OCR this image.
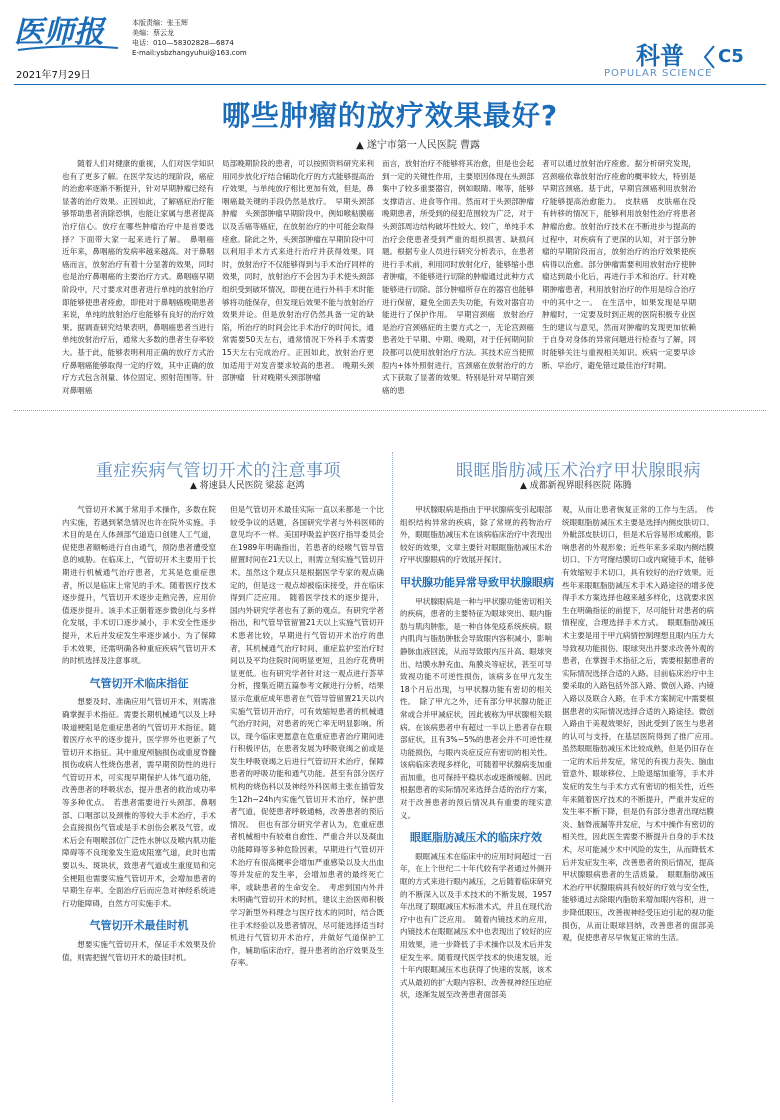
医师报
2021年7月29日
本版责编：张玉辉
美编：蔡云龙
电话：010—58302828—6874
E-mail:ysbzhangyuhui@163.com	科普
POPULAR SCIENCE
C5
哪些肿瘤的放疗效果最好?
▲ 遂宁市第一人民医院 曹露

随着人们对健康的重视，人们对医学知识也有了更多了解。在医学发达的现阶段，癌症的治愈率逐渐不断提升，针对早期肿瘤已经有显著的治疗效果。正因如此，了解癌症治疗能够帮助患者消除恐惧，也能让家属与患者提高治疗信心。放疗在哪些肿瘤治疗中是首要选择？下面带大家一起来进行了解。　鼻咽癌　近年来，鼻咽癌的发病率越来越高。对于鼻咽癌而言，放射治疗有着十分显著的效果，同时也是治疗鼻咽癌的主要治疗方式。鼻咽癌早期阶段中，尺寸要求对患者进行单纯的放射治疗即能够使患者痊愈，即使对于鼻咽癌晚期患者来说，单纯的放射治疗也能够有良好的治疗效果。据调查研究结果表明，鼻咽癌患者当进行单纯放射治疗后，通常大多数的患者生存率较大。基于此，能够表明利用正确的放疗方式治疗鼻咽癌能够取得一定的疗效，其中正确的放疗方式包含剂量、体位固定、照射范围等。针对鼻咽癌

局部晚期阶段的患者，可以按照资料研究来利用同步放化疗结合辅助化疗的方式能够提高治疗效果，与单纯放疗相比更加有效，但是，鼻咽癌最关键的手段仍然是放疗。　早期头颈部肿瘤　头颈部肿瘤早期阶段中，例如喉粘膜癌以及舌癌等癌症，在放射治疗的中可能会取得痊愈。除此之外，头颈部肿瘤在早期阶段中可以利用手术方式来进行治疗并获得效果。同时，放射治疗不仅能够得到与手术治疗同样的效果，同时，放射治疗不会因为手术使头颈部组织受到破坏情况，即便在进行外科手术时能够将功能保存，但发现后效果不能与放射治疗效果并论。但是放射治疗仍然具备一定的缺陷，所治疗的时间会比手术治疗的时间长，通常需要50天左右，通常情况下外科手术需要15天左右完成治疗。正因如此，放射治疗更加适用于对发音要求较高的患者。　晚期头颈部肿瘤　针对晚期头颈部肿瘤

而言，放射治疗不能够将其治愈，但是也会起到一定的关键性作用，主要原因体现在头颈部集中了较多重要器官，例如眼睛、喉等，能够支撑语言、进食等作用。然而对于头颈部肿瘤晚期患者，所受到的侵犯范围较为广泛，对于头颈部周边结构破坏性较大、较广，单纯手术治疗会使患者受到严重的组织损害、缺损问题。根据专业人员进行研究分析表示，在患者进行手术前，利用同时放射化疗，能够缩小患者肿瘤，不能够进行切除的肿瘤通过此种方式能够进行切除。部分肿瘤所存在的器官也能够进行保留，避免全面丢失功能，有效对器官功能进行了保护作用。　早期宫颈癌　放射治疗是治疗宫颈癌症的主要方式之一，无论宫颈癌患者处于早期、中期、晚期，对于任何期间阶段都可以使用放射治疗方法。其技术应当使照腔内+体外照射进行，宫颈癌在放射治疗的方式下获取了显著的效果。特别是针对早期宫颈癌的患

者可以通过放射治疗痊愈。据分析研究发现，宫颈癌依靠放射治疗痊愈的概率较大，特别是早期宫颈癌。基于此，早期宫颈癌利用放射治疗能够提高治愈能力。　皮肤癌　皮肤癌在没有转移的情况下，能够利用放射性治疗将患者肿瘤治愈。放射治疗技术在不断进步与提高的过程中，对疾病有了更深的认知，对于部分肿瘤的早期阶段而言，放射治疗的治疗效果使疾病得以治愈。部分肿瘤需要利用放射治疗使肿瘤达到最小化后，再进行手术和治疗。针对晚期肿瘤患者，利用放射治疗的作用是综合治疗中的其中之一。　在生活中，如果发现是早期肿瘤时，一定要及时到正规的医院积极专业医生的建议与意见，然而对肿瘤的发现更加依赖于自身对身体的异常问题进行检查与了解，同时能够关注与重视相关知识。疾病一定要早诊断、早治疗，避免错过最佳治疗时期。

重症疾病气管切开术的注意事项
▲ 将速县人民医院 梁蕊 赵鸿

气管切开术属于常用手术操作，多数在院内实施，若遇到紧急情况也许在院外实施。手术目的是在人体颈部气道造口创建人工气道，促使患者顺畅进行自由通气，预防患者遭受窒息的威胁。在临床上，气管切开术主要用于长期进行机械通气治疗患者，尤其是危重症患者，所以是临床上常见的手术。随着医疗技术逐步提升，气管切开术逐步走熟完善，应用价值逐步提升。该手术正朝着逐步微创化与多样化发展，手术切口逐步减小，手术安全性逐步提升，术后并发症发生率逐步减小。为了保障手术效果，还需明确各种重症疾病气管切开术的时机选择及注意事项。

气管切开术临床指征

想要及时、准确应用气管切开术，则需准确掌握手术指征。需要长期机械通气以及上呼吸道梗阻是危重症患者的气管切开术指征。随着医疗水平的逐步提升，医学界外也更新了气管切开术指征。其中重度颅脑损伤或重度脊髓损伤或病人性烧伤患者，需早期预防性的进行气管切开术，可实现早期保护人体气道功能，改善患者的呼吸状态，提升患者的救治成功率等多种优点。　若患者需要进行头颈部、鼻咽部、口咽部以及颈椎的等较大手术治疗，手术会直接损伤气管或是手术创伤会累及气管，或术后会有咽喉部位广泛性水肿以及喉内肌功能障碍等不良现象发生造成阻塞气道，此时也需要以头、斑块状，致患者气道或生重度局和完全梗阻也需要实施气管切开术，会增加患者的早期生存率。全面治疗后而应急对神经系统进行功能障碍，自然方可实施手术。

气管切开术最佳时机

想要实施气管切开术，保证手术效果及价值，则需把握气管切开术的最佳时机。

但是气管切开术最佳实际一直以来都是一个比较受争议的话题，各国研究学者与外科医师的意见均不一样。美国呼吸监护医疗指导委员会在1989年明确指出，若患者的经喉气管导管留置时间在21天以上，则需立刻实施气管切开术。虽然这个观点只是根据医学专家的观点确定的，但是这一观点却被临床接受，并在临床得到广泛应用。　随着医学技术的逐步提升，国内外研究学者也有了新的观点。有研究学者指出，和气管导管留置21天以上实施气管切开术患者比较，早期进行气管切开术治疗的患者，其机械通气治疗时间、重症监护室治疗时间以及平均住院时间明显更短，且治疗花费明显更低。也有研究学者针对这一观点进行荟萃分析，搜集近期五篇参考文献进行分析，结果显示危重症成年患者在气管导管留置21天以内实施气管切开治疗，可有效缩短患者的机械通气治疗时间，对患者的死亡率无明显影响。所以，现今临床更愿意在危重症患者治疗期间进行积极评估，在患者发展为呼吸衰竭之前或是发生呼吸衰竭之后进行气管切开术治疗，保障患者的呼吸功能和通气功能。甚至有部分医疗机构的烧伤科以及神经外科医师主张在插管发生12h~24h内实施气管切开术治疗，保护患者气道，促使患者呼吸通畅，改善患者的预后情况。　但也有部分研究学者认为，危重症患者机械相中有较难自愈性、严重合并以及凝血功能障碍等多种危险因素，早期进行气管切开术治疗有很高概率会增加严重感染以及大出血等并发症的发生率，会增加患者的最终死亡率，或缺患者的生命安全。　考虑到国内外并未明确气管切开术的时机，建议主治医师积极学习新型外科理念与医疗技术的同时，结合既往手术经验以及患者情况，尽可能选择适当时机进行气管切开术治疗，并做好气道保护工作，辅助临床治疗，提升患者的治疗效果及生存率。

眼眶脂肪减压术治疗甲状腺眼病
▲ 成都新视界眼科医院 陈腾

甲状腺眼病是指由于甲状腺病变引起眼部组织结构异常的疾病，除了常规的药物治疗外，眼眶脂肪减压术在该病临床治疗中表现出较好的效果，文章主要针对眼眶脂肪减压术治疗甲状腺眼病的疗效展开探讨。

甲状腺功能异常导致甲状腺眼病

甲状腺眼病是一种与甲状腺功能密切相关的疾病，患者的主要特征为眼球突出、眼内脂肪与肌肉肿胀，是一种自体免疫系统疾病。眼内肌肉与脂肪肿胀会导致眼内容积减小，影响静脉血液回流，从而导致眼内压升高、眼球突出、结膜水肿充血、角膜炎等症状，甚至可导致视功能不可逆性损伤，该病多在甲亢发生18个月后出现，与甲状腺功能有密切的相关性。　除了甲亢之外，还有部分甲状腺功能正常或合并甲减症状，因此被称为甲状腺相关眼病。在该病患者中有超过一半以上患者存在眼部症状，且有3%~5%的患者会并不可逆性视功能损伤，与眼内炎症反应有密切的相关性。该病临床表现多样化，可随着甲状腺病变加重而加重，也可保持平稳状态或逐渐缓解。因此根据患者的实际情况来选择合适的治疗方案，对于改善患者的预后情况具有重要的现实意义。

眼眶脂肪减压术的临床疗效

眼眶减压术在临床中的应用时间超过一百年，在上个世纪二十年代较有学者通过外侧开眶的方式来进行眼内减压，之后随着临床研究的不断深入以及手术技术的不断发展，1957年出现了眼眶减压术标准术式，并且在现代治疗中也有广泛应用。　随着内镜技术的应用，内镜技术在眼眶减压术中也表现出了较好的应用效果，进一步降低了手术操作以及术后并发症发生率。随着现代医学技术的快速发展，近十年内眼眶减压术也获得了快速的发展，该术式从最初的扩大眼内容积、改善视神经压迫症状，逐渐发展至改善患者面部美

观，从而让患者恢复正常的工作与生活。　传统眼眶脂肪减压术主要是选择内侧皮肤切口、外眦部皮肤切口，但是术后容易形成瘢痕，影响患者的外观形象；近些年来多采取内侧结膜切口、下方穹窿结膜切口或内窥镜手术，能够有效缩短手术切口，具有较好的治疗效果。近些年来眼眶脂肪减压术手术入路途径的增多使得手术方案选择也越来越多样化，这就要求医生在明确指征的前提下，尽可能针对患者的病情程度，合理选择手术方式。　眼眶脂肪减压术主要是用于甲亢病情控制理想且眼内压力大导致视功能损伤、眼球突出并要求改善外观的患者，在掌握手术指征之后，需要根据患者的实际情况选择合适的入路。目前临床治疗中主要采取的入路包括外部入路、微创入路、内镜入路以及联合入路，在手术方案制定中需要根据患者的实际情况选择合适的入路途径。微创入路由于美观效果好，因此受到了医生与患者的认可与支持，在基层医院得到了推广应用。　虽然眼眶脂肪减压术比较成熟，但是仍旧存在一定的术后并发症，常见的有视力丧失、脑血管意外、眼球移位、上睑退缩加重等，手术并发症的发生与手术方式有密切的相关性，近些年来随着医疗技术的不断提升，严重并发症的发生率不断下降，但是仍有部分患者出现结膜炎、脑脊液漏等并发症，与术中操作有密切的相关性，因此医生需要不断提升自身的手术技术，尽可能减少术中风险的发生，从而降低术后并发症发生率，改善患者的预后情况，提高甲状腺眼病患者的生活质量。　眼眶脂肪减压术治疗甲状腺眼病具有较好的疗效与安全性，能够通过去除眼内脂肪来增加眼内容积，进一步降低眼压，改善视神经受压迫引起的视功能损伤，从而让眼球回纳，改善患者的面部美观，促使患者尽早恢复正常的生活。
